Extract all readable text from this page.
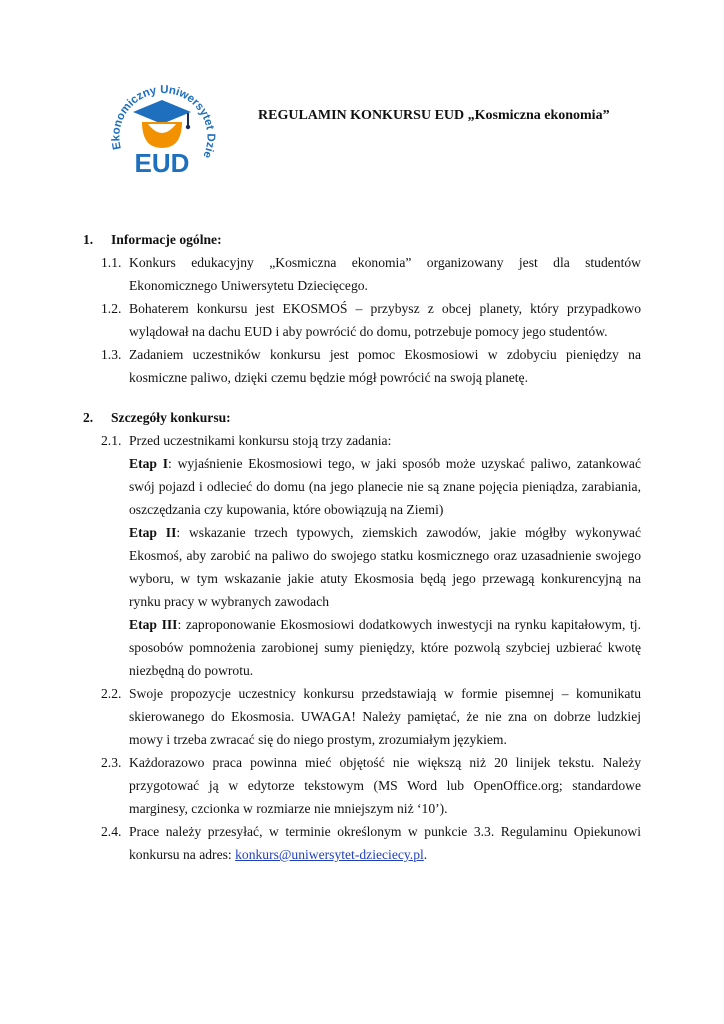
Ekonomiczny Uniwersytet Dzie
EUD
REGULAMIN KONKURSU EUD „Kosmiczna ekonomia”
1.	Informacje ogólne:
1.1. Konkurs edukacyjny „Kosmiczna ekonomia” organizowany jest dla studentów Ekonomicznego Uniwersytetu Dziecięcego.
1.2. Bohaterem konkursu jest EKOSMOŚ – przybysz z obcej planety, który przypadkowo wylądował na dachu EUD i aby powrócić do domu, potrzebuje pomocy jego studentów.
1.3. Zadaniem uczestników konkursu jest pomoc Ekosmosiowi w zdobyciu pieniędzy na kosmiczne paliwo, dzięki czemu będzie mógł powrócić na swoją planetę.
2.	Szczegóły konkursu:
2.1. Przed uczestnikami konkursu stoją trzy zadania:
Etap I: wyjaśnienie Ekosmosiowi tego, w jaki sposób może uzyskać paliwo, zatankować swój pojazd i odlecieć do domu (na jego planecie nie są znane pojęcia pieniądza, zarabiania, oszczędzania czy kupowania, które obowiązują na Ziemi)
Etap II: wskazanie trzech typowych, ziemskich zawodów, jakie mógłby wykonywać Ekosmoś, aby zarobić na paliwo do swojego statku kosmicznego oraz uzasadnienie swojego wyboru, w tym wskazanie jakie atuty Ekosmosia będą jego przewagą konkurencyjną na rynku pracy w wybranych zawodach
Etap III: zaproponowanie Ekosmosiowi dodatkowych inwestycji na rynku kapitałowym, tj. sposobów pomnożenia zarobionej sumy pieniędzy, które pozwolą szybciej uzbierać kwotę niezbędną do powrotu.
2.2. Swoje propozycje uczestnicy konkursu przedstawiają w formie pisemnej – komunikatu skierowanego do Ekosmosia. UWAGA! Należy pamiętać, że nie zna on dobrze ludzkiej mowy i trzeba zwracać się do niego prostym, zrozumiałym językiem.
2.3. Każdorazowo praca powinna mieć objętość nie większą niż 20 linijek tekstu. Należy przygotować ją w edytorze tekstowym (MS Word lub OpenOffice.org; standardowe marginesy, czcionka w rozmiarze nie mniejszym niż ‘10’).
2.4. Prace należy przesyłać, w terminie określonym w punkcie 3.3. Regulaminu Opiekunowi konkursu na adres: konkurs@uniwersytet-dzieciecy.pl.
